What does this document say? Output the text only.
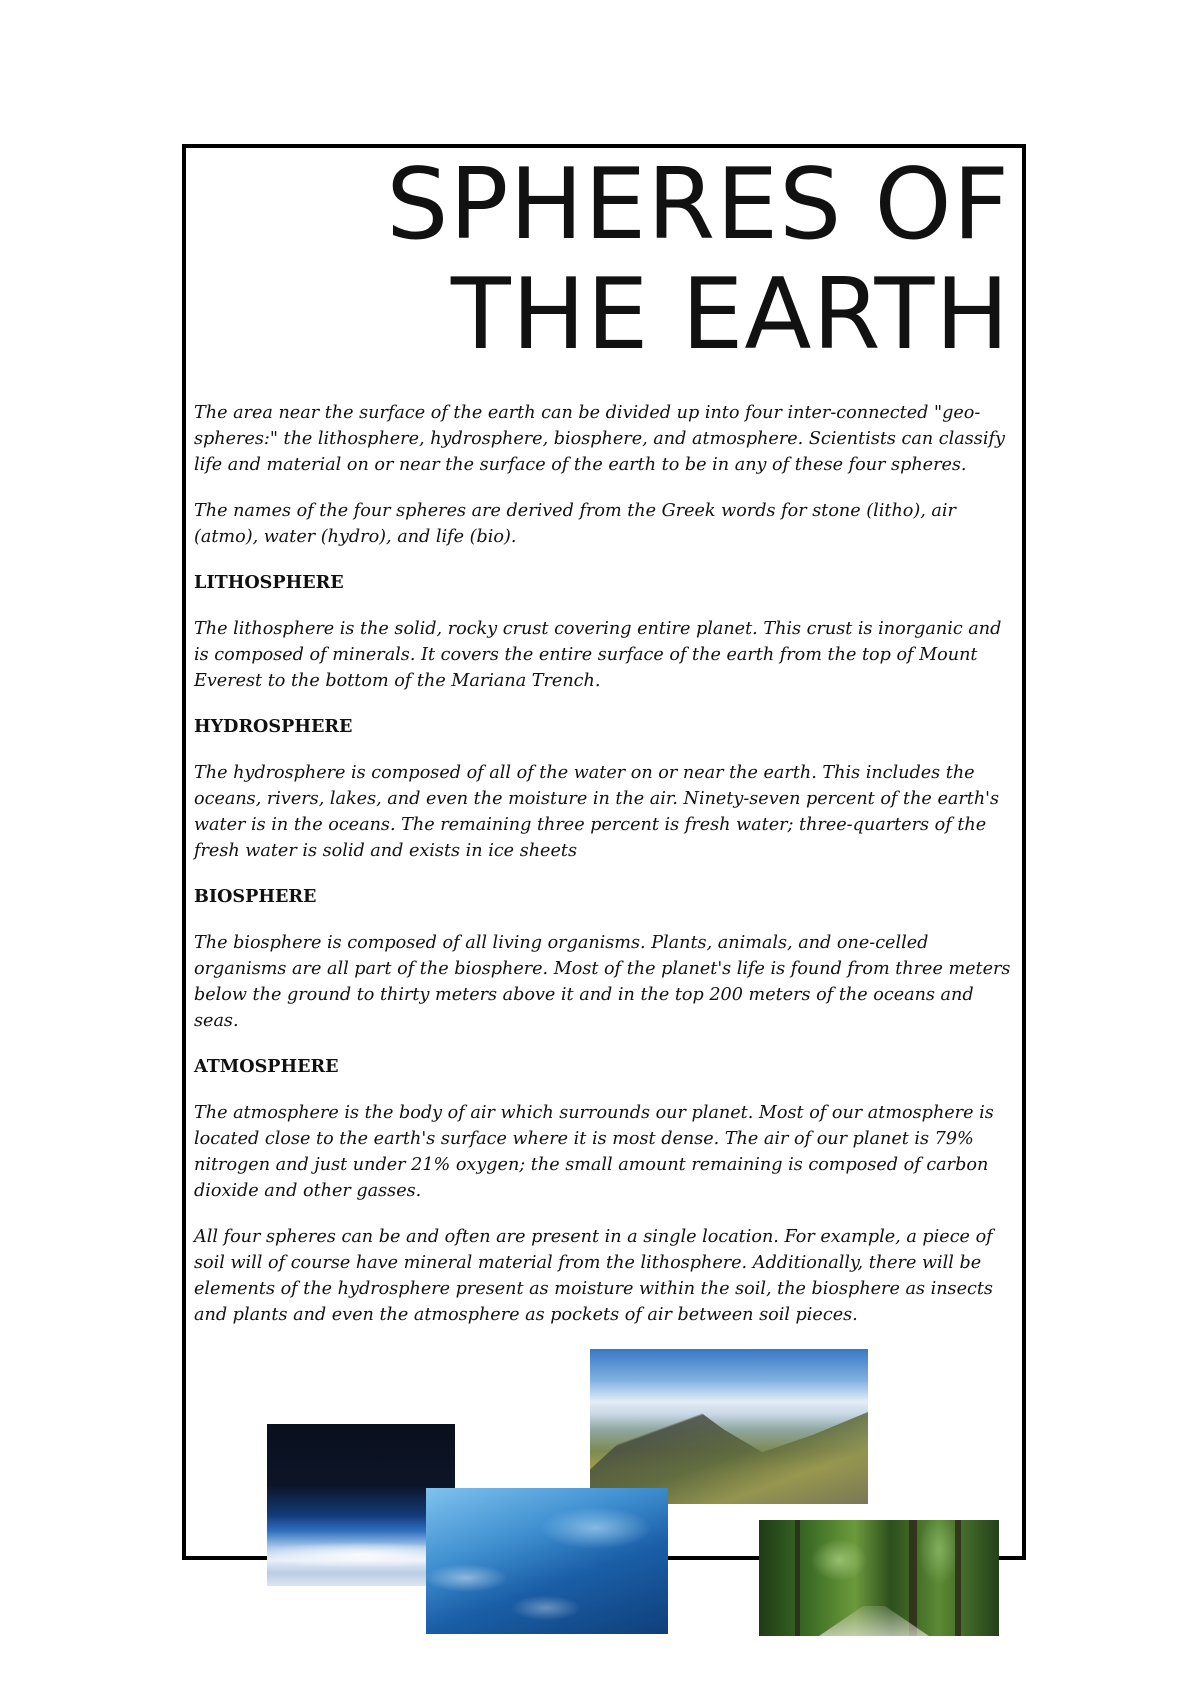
SPHERES OF
THE EARTH

The area near the surface of the earth can be divided up into four inter-connected "geo-spheres:" the lithosphere, hydrosphere, biosphere, and atmosphere. Scientists can classify life and material on or near the surface of the earth to be in any of these four spheres.

The names of the four spheres are derived from the Greek words for stone (litho), air (atmo), water (hydro), and life (bio).

LITHOSPHERE

The lithosphere is the solid, rocky crust covering entire planet. This crust is inorganic and is composed of minerals. It covers the entire surface of the earth from the top of Mount Everest to the bottom of the Mariana Trench.

HYDROSPHERE

The hydrosphere is composed of all of the water on or near the earth. This includes the oceans, rivers, lakes, and even the moisture in the air. Ninety-seven percent of the earth's water is in the oceans. The remaining three percent is fresh water; three-quarters of the fresh water is solid and exists in ice sheets

BIOSPHERE

The biosphere is composed of all living organisms. Plants, animals, and one-celled organisms are all part of the biosphere. Most of the planet's life is found from three meters below the ground to thirty meters above it and in the top 200 meters of the oceans and seas.

ATMOSPHERE

The atmosphere is the body of air which surrounds our planet. Most of our atmosphere is located close to the earth's surface where it is most dense. The air of our planet is 79% nitrogen and just under 21% oxygen; the small amount remaining is composed of carbon dioxide and other gasses.

All four spheres can be and often are present in a single location. For example, a piece of soil will of course have mineral material from the lithosphere. Additionally, there will be elements of the hydrosphere present as moisture within the soil, the biosphere as insects and plants and even the atmosphere as pockets of air between soil pieces.
